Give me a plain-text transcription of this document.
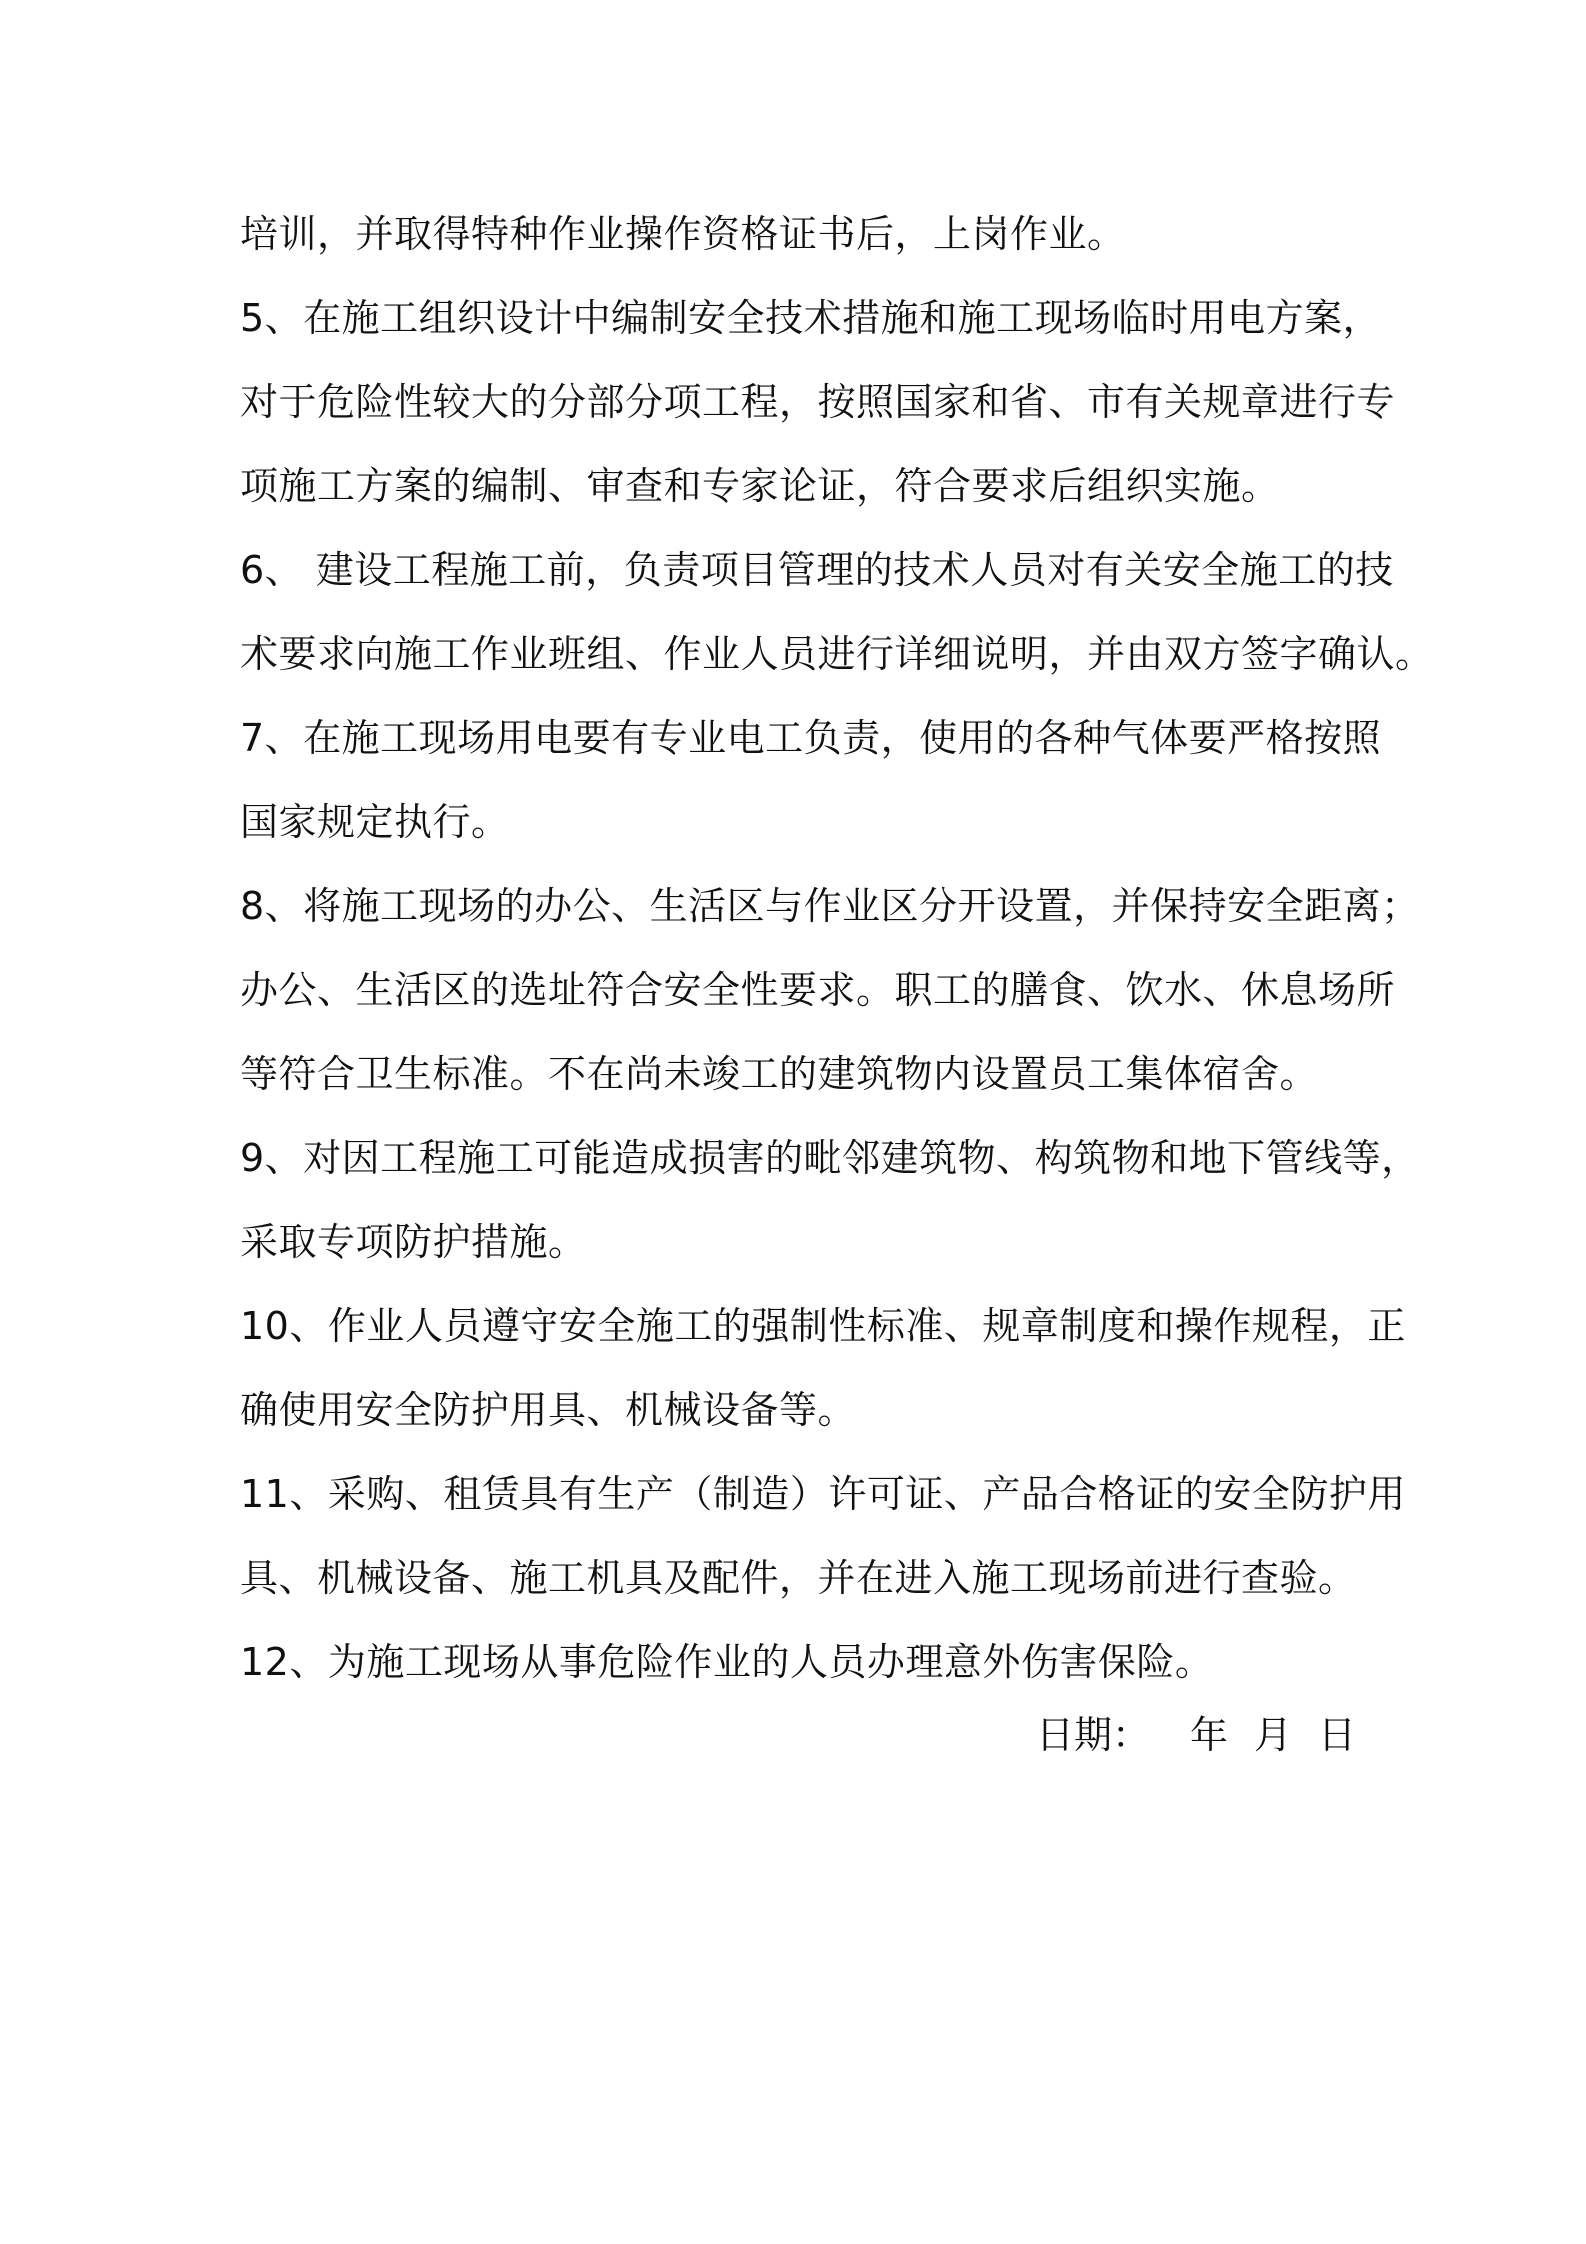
培训，并取得特种作业操作资格证书后，上岗作业。
5、在施工组织设计中编制安全技术措施和施工现场临时用电方案，
对于危险性较大的分部分项工程，按照国家和省、市有关规章进行专
项施工方案的编制、审查和专家论证，符合要求后组织实施。
6、 建设工程施工前，负责项目管理的技术人员对有关安全施工的技
术要求向施工作业班组、作业人员进行详细说明，并由双方签字确认。
7、在施工现场用电要有专业电工负责，使用的各种气体要严格按照
国家规定执行。
8、将施工现场的办公、生活区与作业区分开设置，并保持安全距离；
办公、生活区的选址符合安全性要求。职工的膳食、饮水、休息场所
等符合卫生标准。不在尚未竣工的建筑物内设置员工集体宿舍。
9、对因工程施工可能造成损害的毗邻建筑物、构筑物和地下管线等，
采取专项防护措施。
10、作业人员遵守安全施工的强制性标准、规章制度和操作规程，正
确使用安全防护用具、机械设备等。
11、采购、租赁具有生产（制造）许可证、产品合格证的安全防护用
具、机械设备、施工机具及配件，并在进入施工现场前进行查验。
12、为施工现场从事危险作业的人员办理意外伤害保险。
日期： 年 月 日
